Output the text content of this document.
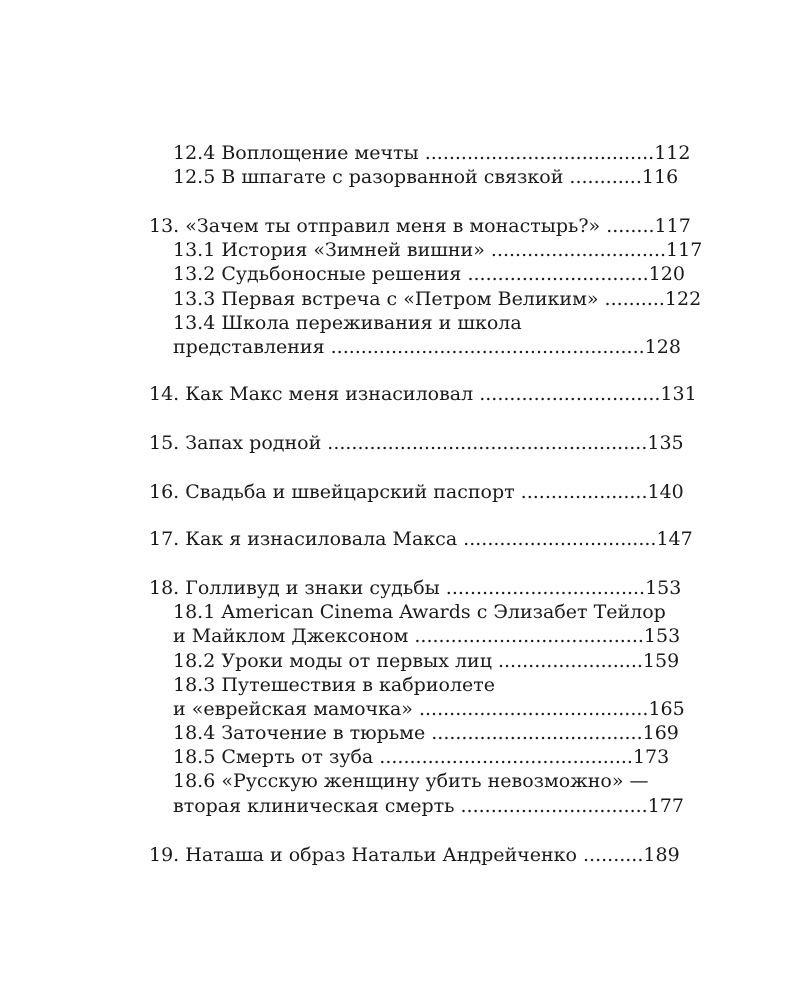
12.4 Воплощение мечты ......................................112
12.5 В шпагате с разорванной связкой ............116
13. «Зачем ты отправил меня в монастырь?» ........117
13.1 История «Зимней вишни» .............................117
13.2 Судьбоносные решения ..............................120
13.3 Первая встреча с «Петром Великим» ..........122
13.4 Школа переживания и школа
представления ....................................................128
14. Как Макс меня изнасиловал ..............................131
15. Запах родной .....................................................135
16. Свадьба и швейцарский паспорт .....................140
17. Как я изнасиловала Макса ................................147
18. Голливуд и знаки судьбы .................................153
18.1 American Cinema Awards с Элизабет Тейлор
и Майклом Джексоном ......................................153
18.2 Уроки моды от первых лиц ........................159
18.3 Путешествия в кабриолете
и «еврейская мамочка» ......................................165
18.4 Заточение в тюрьме ...................................169
18.5 Смерть от зуба ..........................................173
18.6 «Русскую женщину убить невозможно» —
вторая клиническая смерть ...............................177
19. Наташа и образ Натальи Андрейченко ..........189
